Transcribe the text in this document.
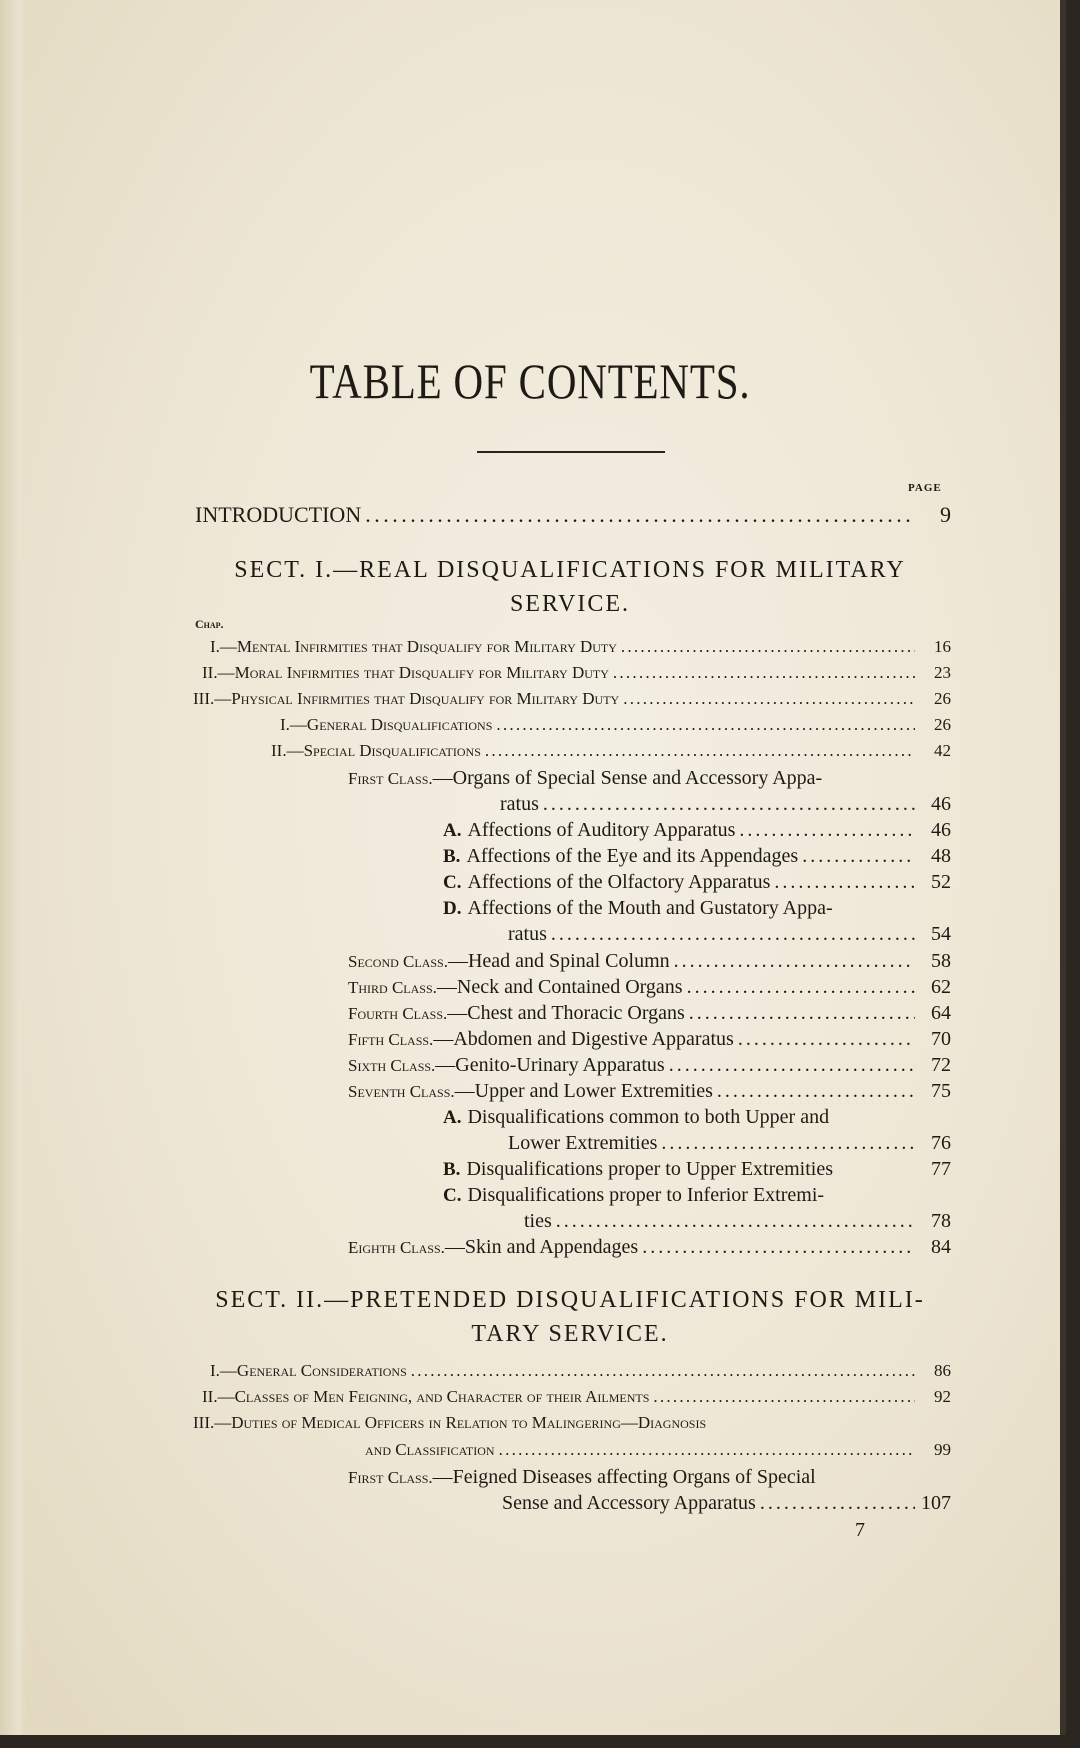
TABLE OF CONTENTS.
PAGE
INTRODUCTION . . .	9
SECT. I.—REAL DISQUALIFICATIONS FOR MILITARY
SERVICE.
Chap.
I.—Mental Infirmities that Disqualify for Military Duty . . .	16
II.—Moral Infirmities that Disqualify for Military Duty . . .	23
III.—Physical Infirmities that Disqualify for Military Duty . . .	26
I.—General Disqualifications . . .	26
II.—Special Disqualifications . . .	42
First Class.—Organs of Special Sense and Accessory Appa-
ratus . . .	46
A. Affections of Auditory Apparatus . . .	46
B. Affections of the Eye and its Appendages . . .	48
C. Affections of the Olfactory Apparatus . . .	52
D. Affections of the Mouth and Gustatory Appa-
ratus . . .	54
Second Class.—Head and Spinal Column . . .	58
Third Class.—Neck and Contained Organs . . .	62
Fourth Class.—Chest and Thoracic Organs . . .	64
Fifth Class.—Abdomen and Digestive Apparatus . . .	70
Sixth Class.—Genito-Urinary Apparatus . . .	72
Seventh Class.—Upper and Lower Extremities . . .	75
A. Disqualifications common to both Upper and
Lower Extremities . . .	76
B. Disqualifications proper to Upper Extremities	77
C. Disqualifications proper to Inferior Extremi-
ties . . .	78
Eighth Class.—Skin and Appendages . . .	84
SECT. II.—PRETENDED DISQUALIFICATIONS FOR MILI-
TARY SERVICE.
I.—General Considerations . . .	86
II.—Classes of Men Feigning, and Character of their Ailments . . .	92
III.—Duties of Medical Officers in Relation to Malingering—Diagnosis
and Classification . . .	99
First Class.—Feigned Diseases affecting Organs of Special
Sense and Accessory Apparatus . . .	107
7
